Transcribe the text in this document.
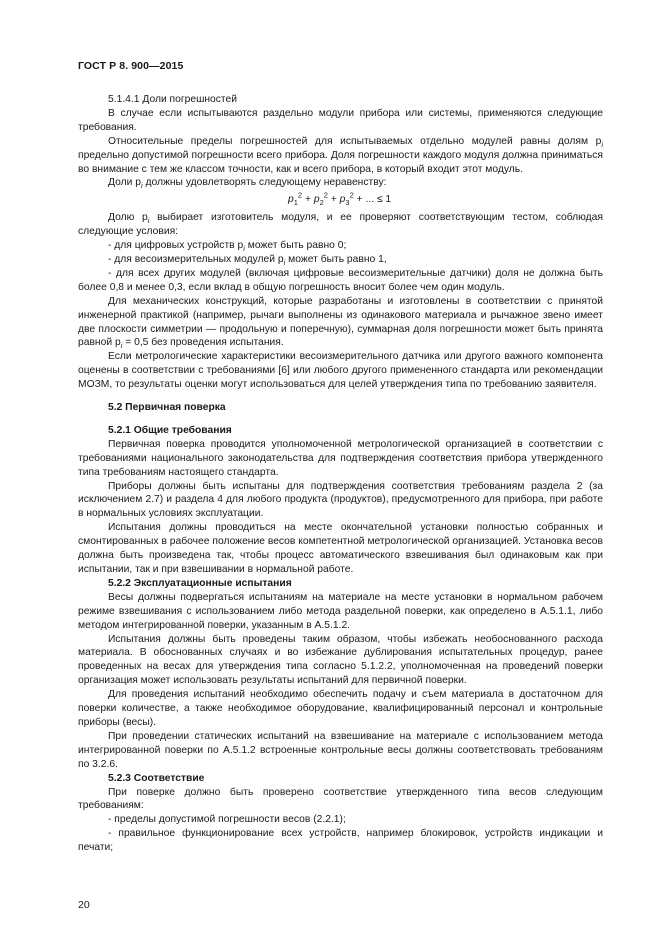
ГОСТ Р 8. 900—2015

5.1.4.1 Доли погрешностей

В случае если испытываются раздельно модули прибора или системы, применяются следующие требования.

Относительные пределы погрешностей для испытываемых отдельно модулей равны долям $p_i$ предельно допустимой погрешности всего прибора. Доля погрешности каждого модуля должна приниматься во внимание с тем же классом точности, как и всего прибора, в который входит этот модуль.

Доли $p_i$ должны удовлетворять следующему неравенству:

$p_1^2 + p_2^2 + p_3^2$ + ... ≤ 1

Долю $p_i$ выбирает изготовитель модуля, и ее проверяют соответствующим тестом, соблюдая следующие условия:

- для цифровых устройств $p_i$ может быть равно 0;

- для весоизмерительных модулей $p_i$ может быть равно 1,

- для всех других модулей (включая цифровые весоизмерительные датчики) доля не должна быть более 0,8 и менее 0,3, если вклад в общую погрешность вносит более чем один модуль.

Для механических конструкций, которые разработаны и изготовлены в соответствии с принятой инженерной практикой (например, рычаги выполнены из одинакового материала и рычажное звено имеет две плоскости симметрии — продольную и поперечную), суммарная доля погрешности может быть принята равной $p_i = 0,5$ без проведения испытания.

Если метрологические характеристики весоизмерительного датчика или другого важного компонента оценены в соответствии с требованиями [6] или любого другого примененного стандарта или рекомендации МОЗМ, то результаты оценки могут использоваться для целей утверждения типа по требованию заявителя.

5.2 Первичная поверка

5.2.1 Общие требования

Первичная поверка проводится уполномоченной метрологической организацией в соответствии с требованиями национального законодательства для подтверждения соответствия прибора утвержденного типа требованиям настоящего стандарта.

Приборы должны быть испытаны для подтверждения соответствия требованиям раздела 2 (за исключением 2.7) и раздела 4 для любого продукта (продуктов), предусмотренного для прибора, при работе в нормальных условиях эксплуатации.

Испытания должны проводиться на месте окончательной установки полностью собранных и смонтированных в рабочее положение весов компетентной метрологической организацией. Установка весов должна быть произведена так, чтобы процесс автоматического взвешивания был одинаковым как при испытании, так и при взвешивании в нормальной работе.

5.2.2 Эксплуатационные испытания

Весы должны подвергаться испытаниям на материале на месте установки в нормальном рабочем режиме взвешивания с использованием либо метода раздельной поверки, как определено в А.5.1.1, либо методом интегрированной поверки, указанным в А.5.1.2.

Испытания должны быть проведены таким образом, чтобы избежать необоснованного расхода материала. В обоснованных случаях и во избежание дублирования испытательных процедур, ранее проведенных на весах для утверждения типа согласно 5.1.2.2, уполномоченная на проведений поверки организация может использовать результаты испытаний для первичной поверки.

Для проведения испытаний необходимо обеспечить подачу и съем материала в достаточном для поверки количестве, а также необходимое оборудование, квалифицированный персонал и контрольные приборы (весы).

При проведении статических испытаний на взвешивание на материале с использованием метода интегрированной поверки по А.5.1.2 встроенные контрольные весы должны соответствовать требованиям по 3.2.6.

5.2.3 Соответствие

При поверке должно быть проверено соответствие утвержденного типа весов следующим требованиям:

- пределы допустимой погрешности весов (2.2.1);

- правильное функционирование всех устройств, например блокировок, устройств индикации и печати;

20
